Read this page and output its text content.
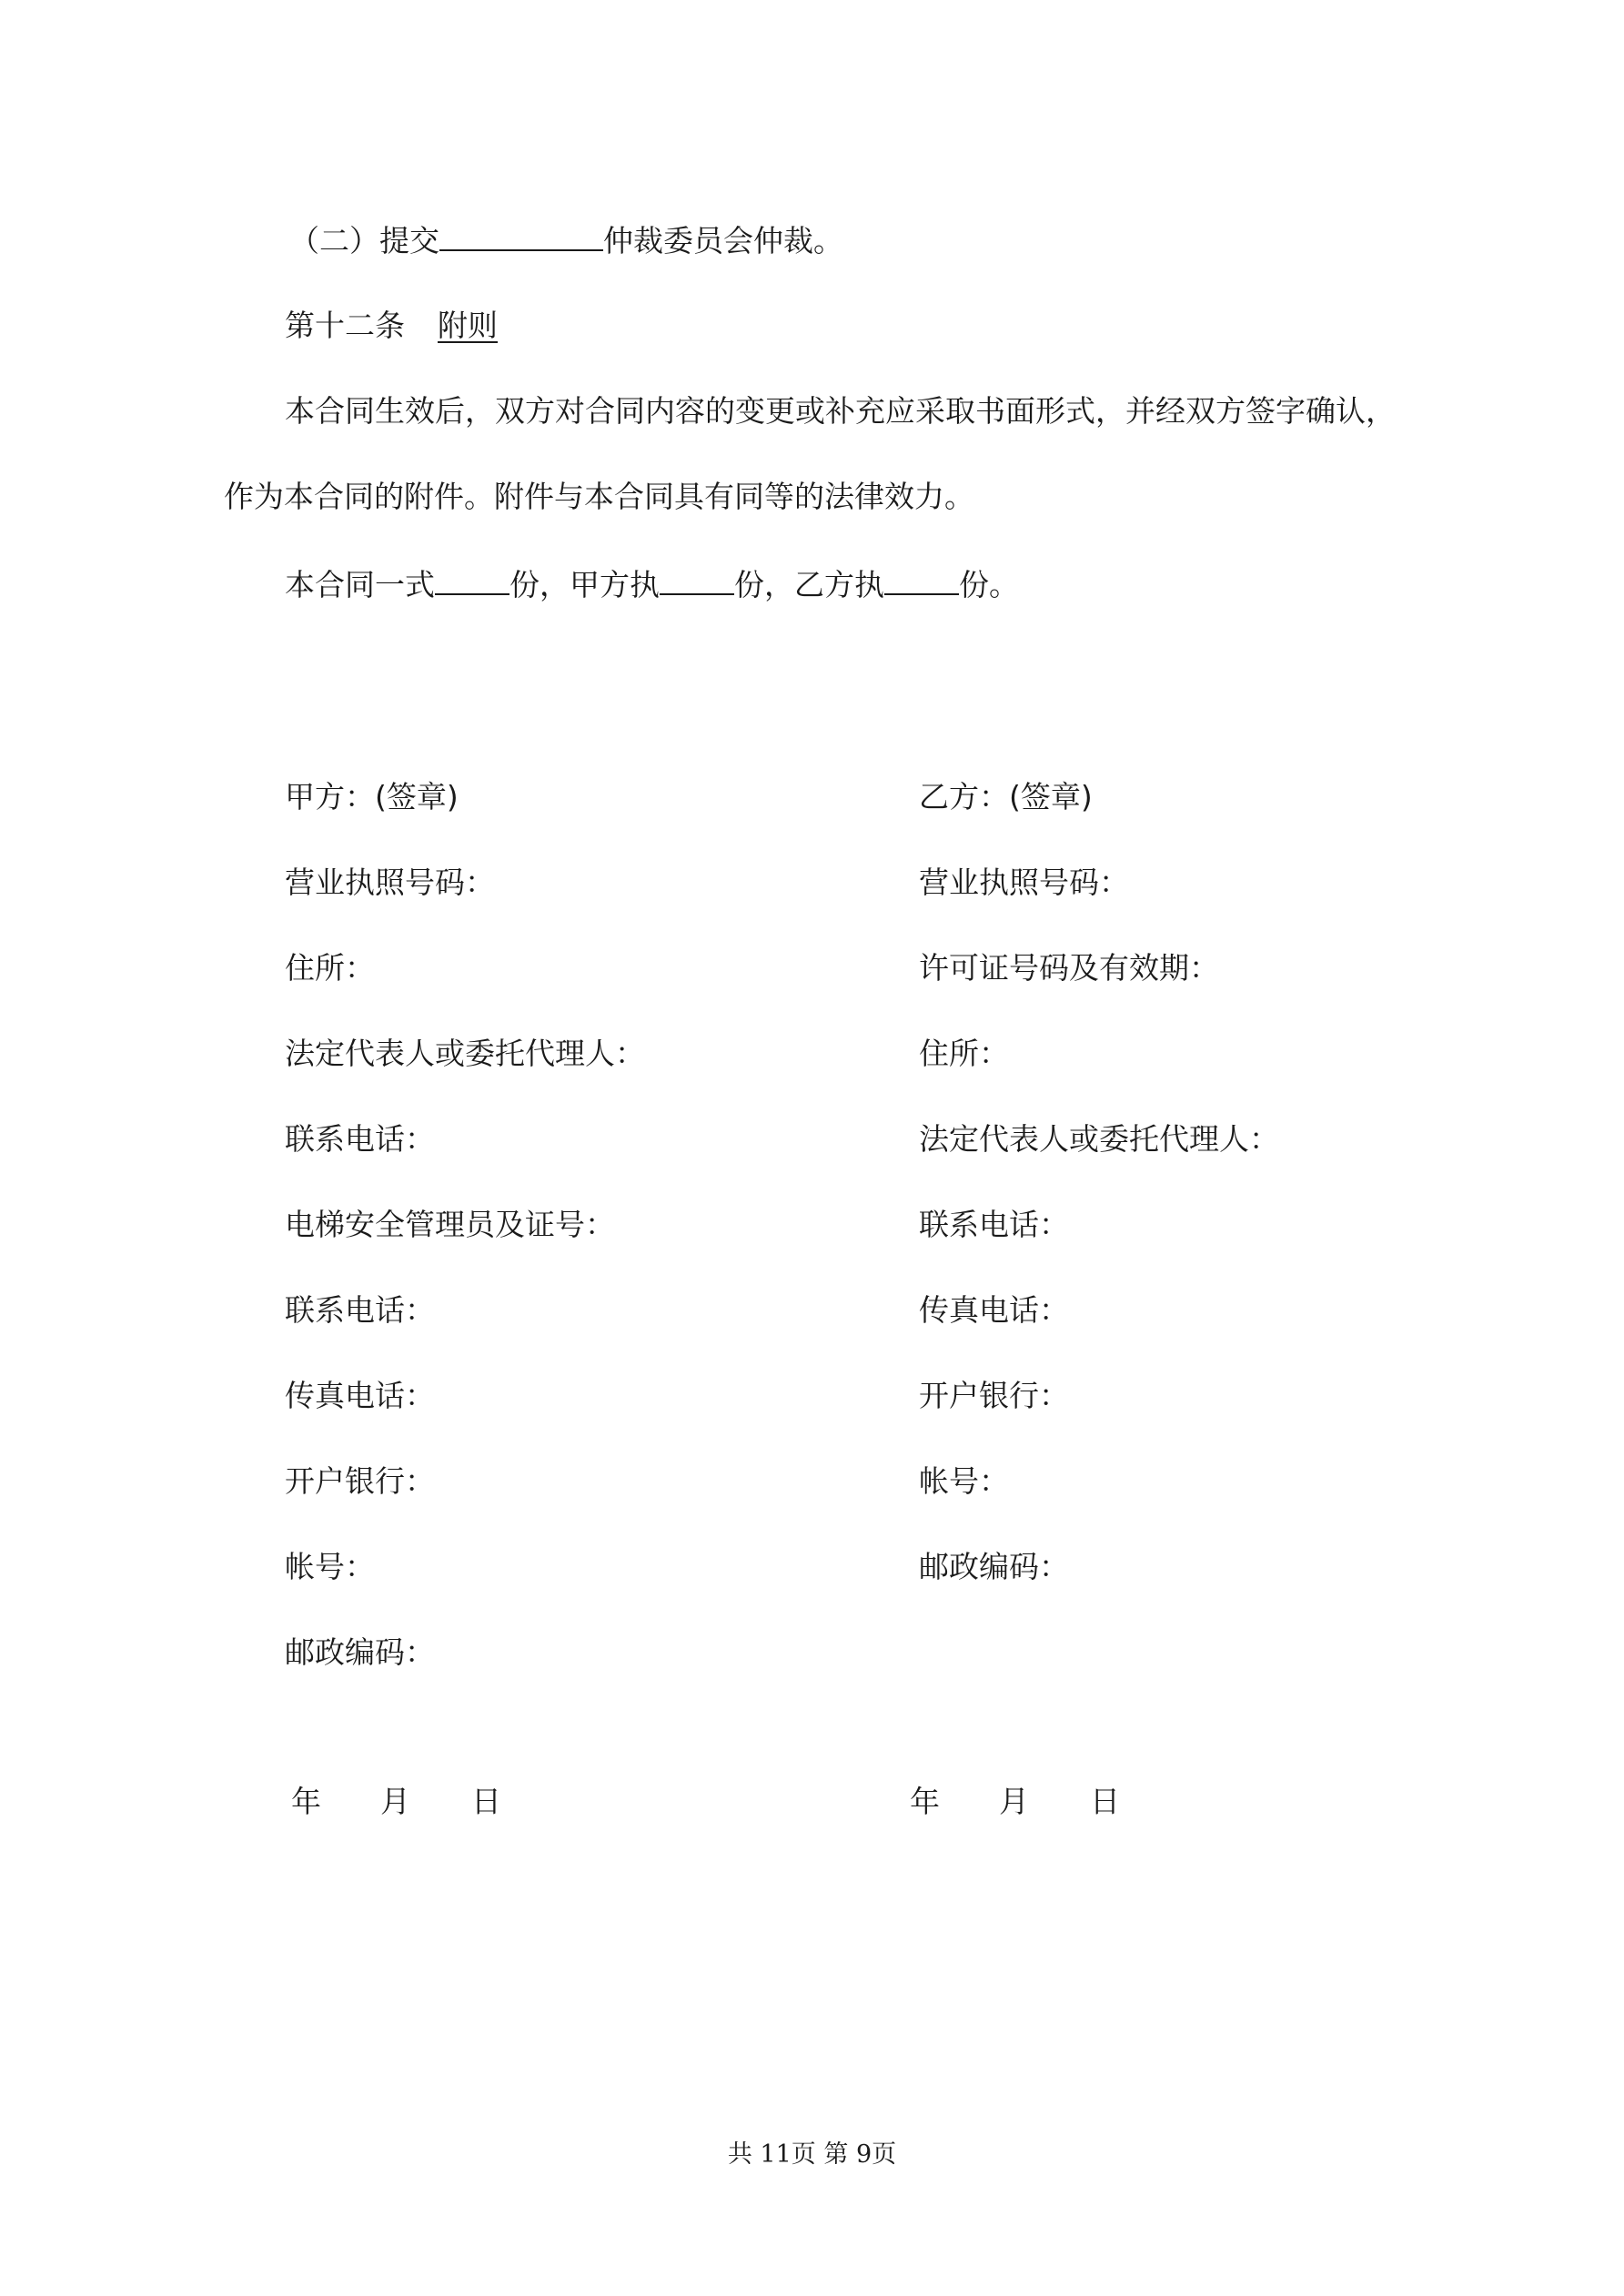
（二）提交	仲裁委员会仲裁。
第十二条 附则
本合同生效后，双方对合同内容的变更或补充应采取书面形式，并经双方签字确认，
作为本合同的附件。附件与本合同具有同等的法律效力。
本合同一式 份，甲方执 份，乙方执 份。
甲方：(签章)
营业执照号码：
住所：
法定代表人或委托代理人：
联系电话：
电梯安全管理员及证号：
联系电话：
传真电话：
开户银行：
帐号：
邮政编码：
年 月 日
乙方：(签章)
营业执照号码：
许可证号码及有效期：
住所：
法定代表人或委托代理人：
联系电话：
传真电话：
开户银行：
帐号：
邮政编码：
年 月 日
共 11页 第 9页
